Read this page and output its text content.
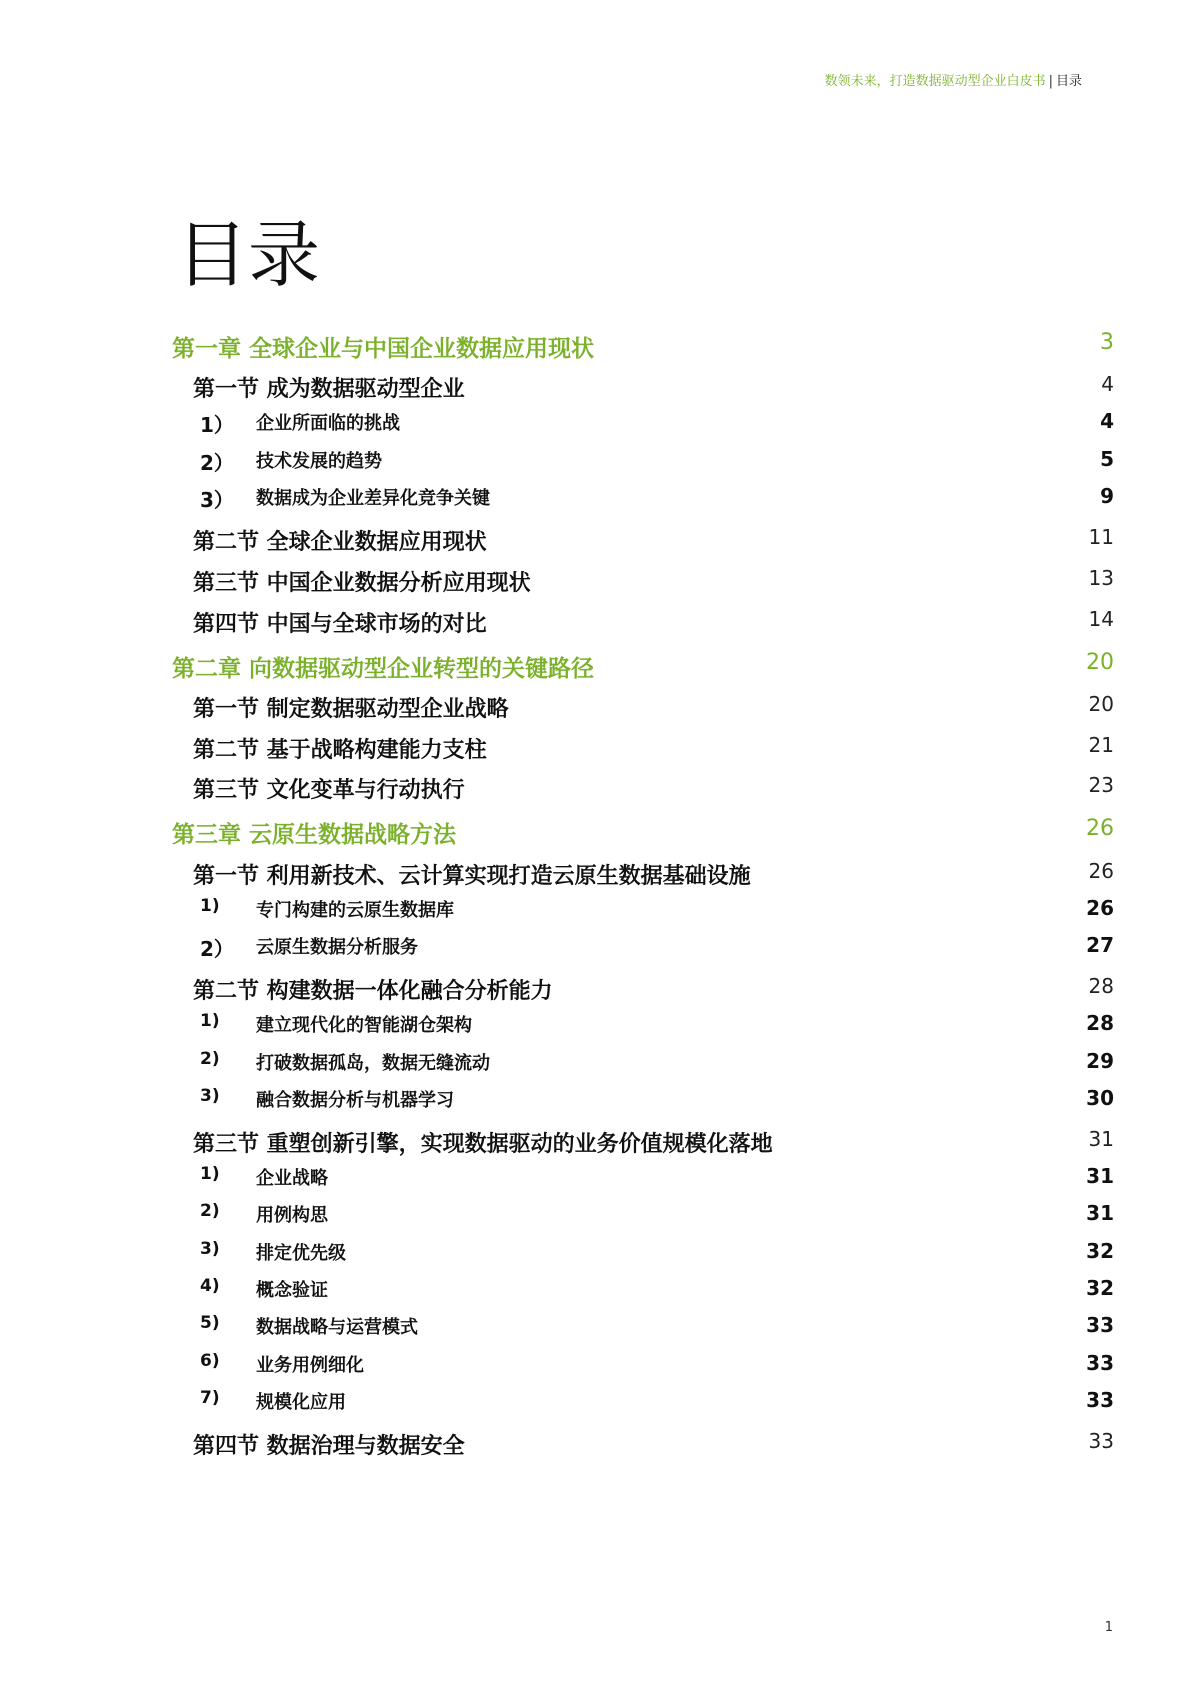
数领未来，打造数据驱动型企业白皮书 | 目录
目录
第一章 全球企业与中国企业数据应用现状	3
第一节 成为数据驱动型企业	4
1） 企业所面临的挑战	4
2） 技术发展的趋势	5
3） 数据成为企业差异化竞争关键	9
第二节 全球企业数据应用现状	11
第三节 中国企业数据分析应用现状	13
第四节 中国与全球市场的对比	14
第二章 向数据驱动型企业转型的关键路径	20
第一节 制定数据驱动型企业战略	20
第二节 基于战略构建能力支柱	21
第三节 文化变革与行动执行	23
第三章 云原生数据战略方法	26
第一节 利用新技术、云计算实现打造云原生数据基础设施	26
1) 专门构建的云原生数据库	26
2） 云原生数据分析服务	27
第二节 构建数据一体化融合分析能力	28
1) 建立现代化的智能湖仓架构	28
2) 打破数据孤岛，数据无缝流动	29
3) 融合数据分析与机器学习	30
第三节 重塑创新引擎，实现数据驱动的业务价值规模化落地	31
1) 企业战略	31
2) 用例构思	31
3) 排定优先级	32
4) 概念验证	32
5) 数据战略与运营模式	33
6) 业务用例细化	33
7) 规模化应用	33
第四节 数据治理与数据安全	33
1
